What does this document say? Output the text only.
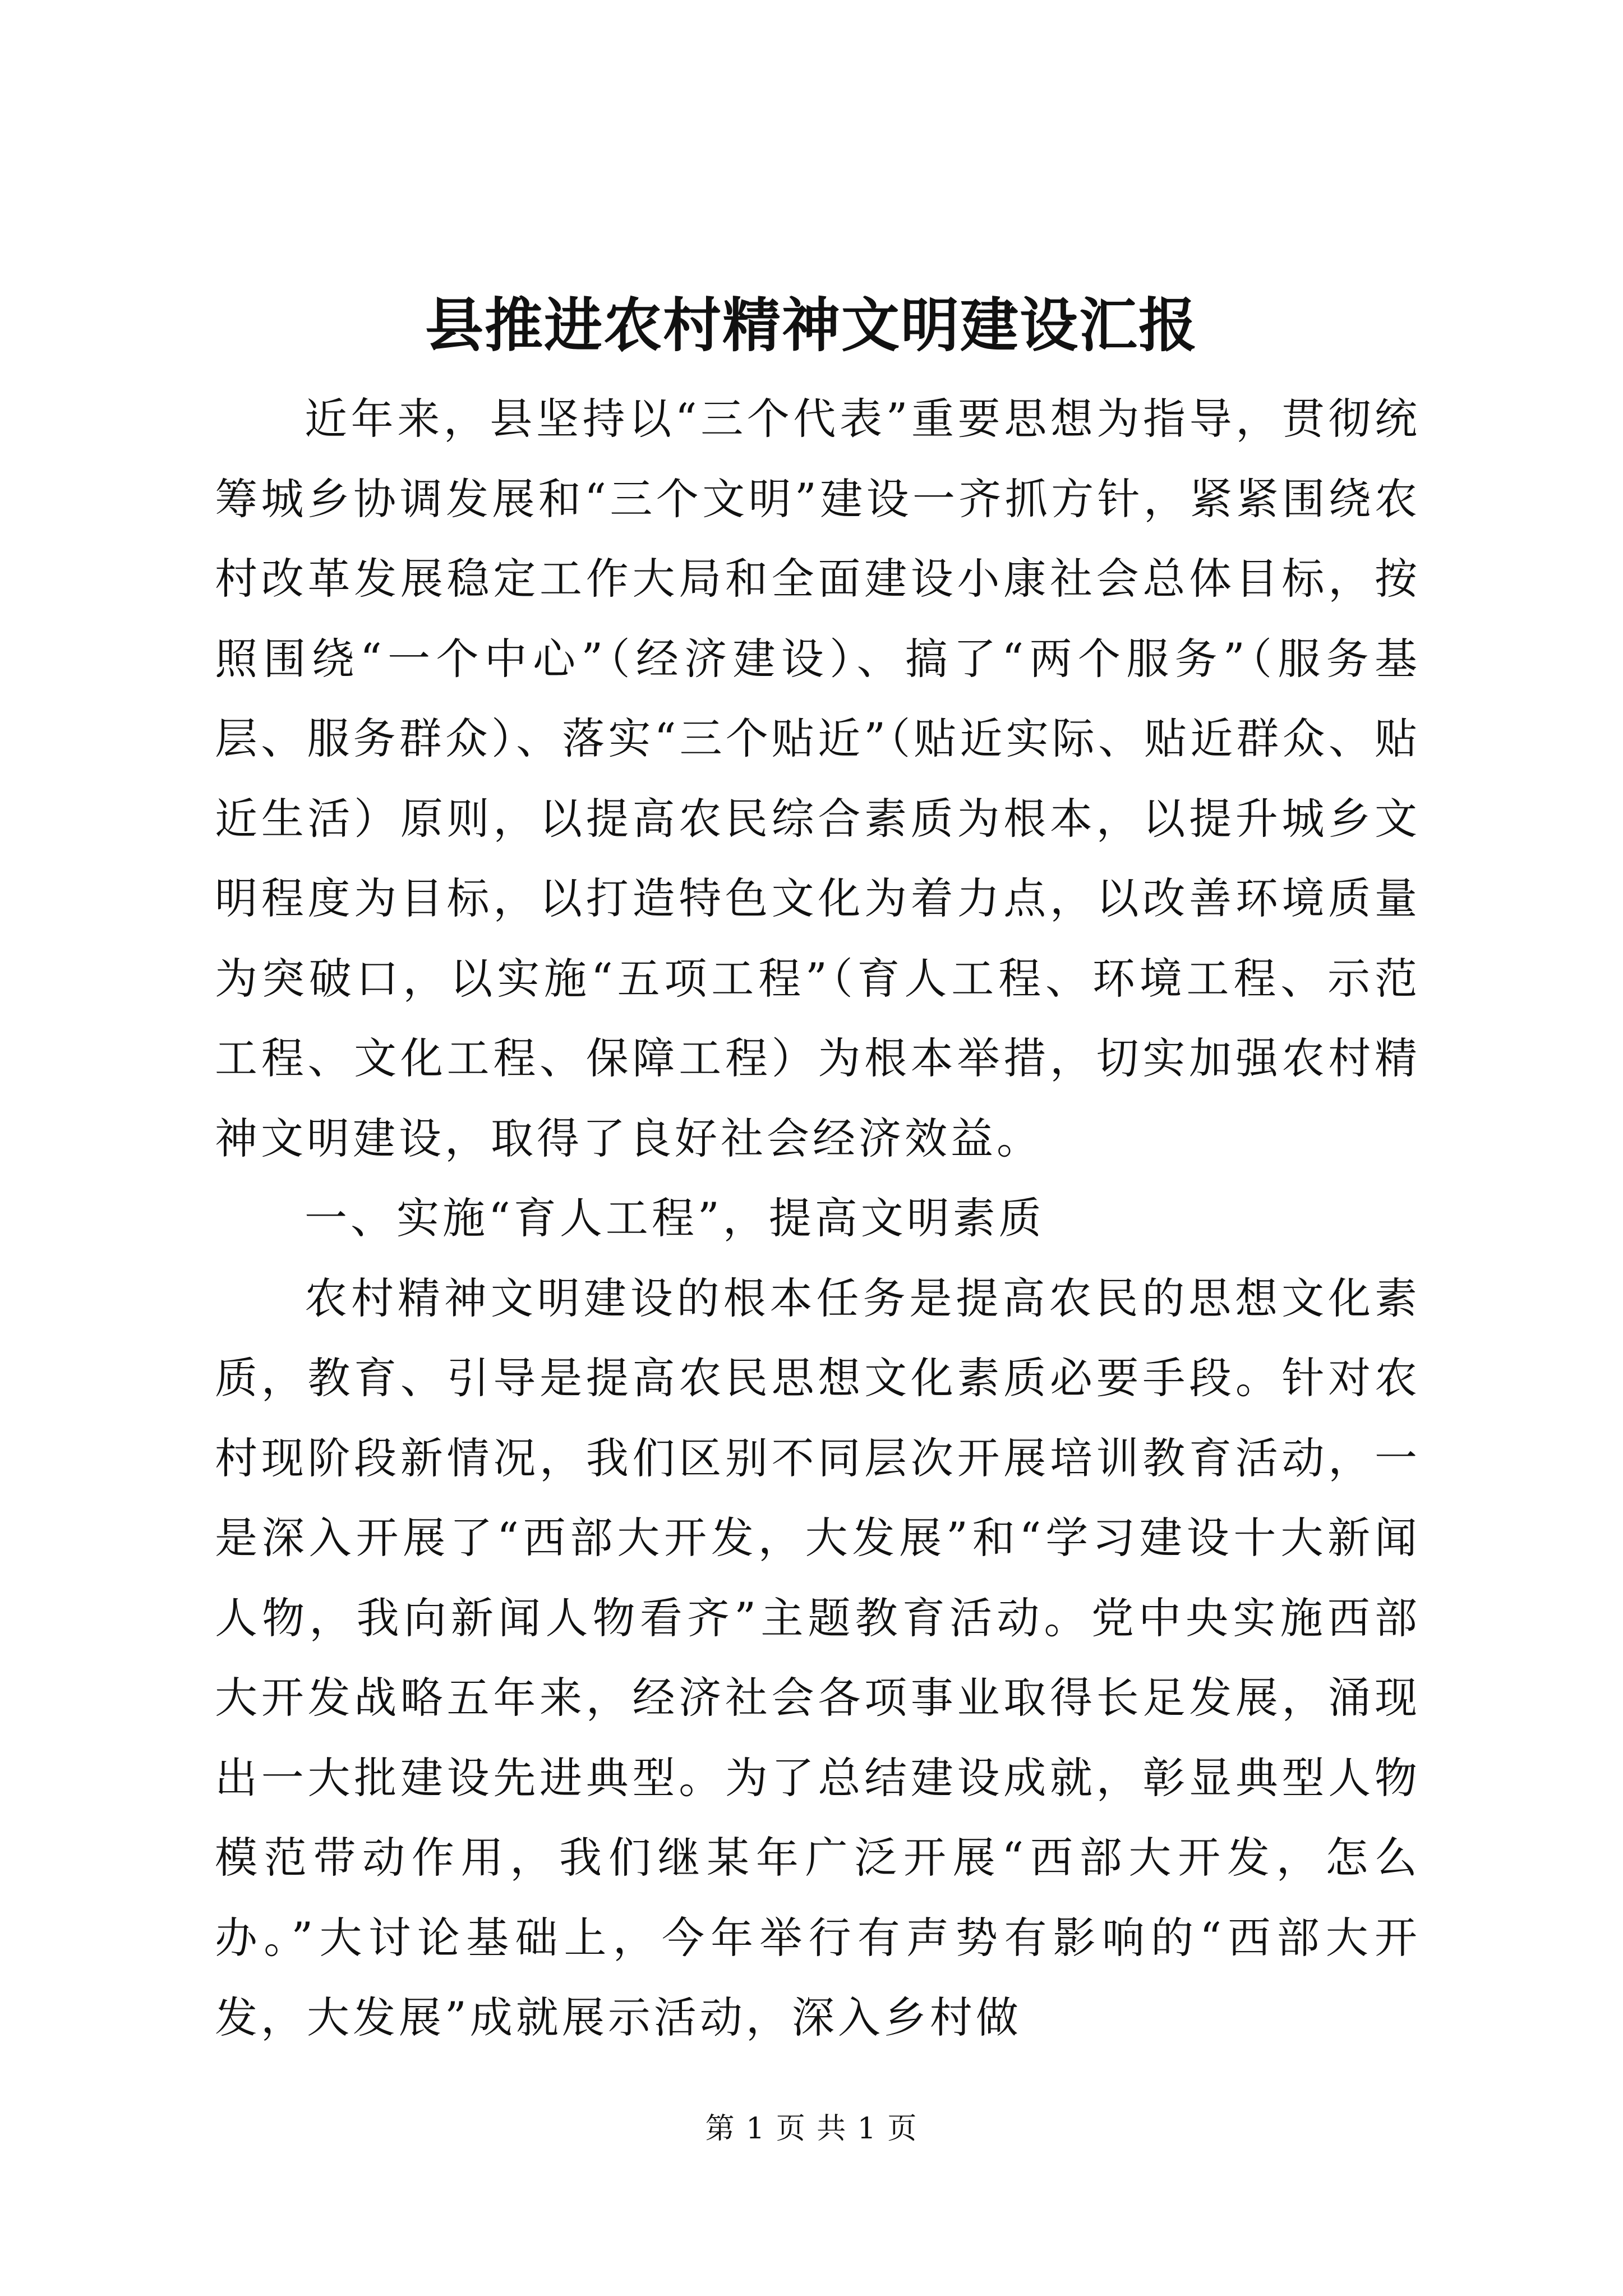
县推进农村精神文明建设汇报

近年来，县坚持以“三个代表”重要思想为指导，贯彻统筹城乡协调发展和“三个文明”建设一齐抓方针，紧紧围绕农村改革发展稳定工作大局和全面建设小康社会总体目标，按照围绕“一个中心”（经济建设）、搞了“两个服务”（服务基层、服务群众）、落实“三个贴近”（贴近实际、贴近群众、贴近生活）原则，以提高农民综合素质为根本，以提升城乡文明程度为目标，以打造特色文化为着力点，以改善环境质量为突破口，以实施“五项工程”（育人工程、环境工程、示范工程、文化工程、保障工程）为根本举措，切实加强农村精神文明建设，取得了良好社会经济效益。

一、实施“育人工程”，提高文明素质

农村精神文明建设的根本任务是提高农民的思想文化素质，教育、引导是提高农民思想文化素质必要手段。针对农村现阶段新情况，我们区别不同层次开展培训教育活动，一是深入开展了“西部大开发，大发展”和“学习建设十大新闻人物，我向新闻人物看齐”主题教育活动。党中央实施西部大开发战略五年来，经济社会各项事业取得长足发展，涌现出一大批建设先进典型。为了总结建设成就，彰显典型人物模范带动作用，我们继某年广泛开展“西部大开发，怎么办。”大讨论基础上，今年举行有声势有影响的“西部大开发，大发展”成就展示活动，深入乡村做

第 1 页 共 1 页
